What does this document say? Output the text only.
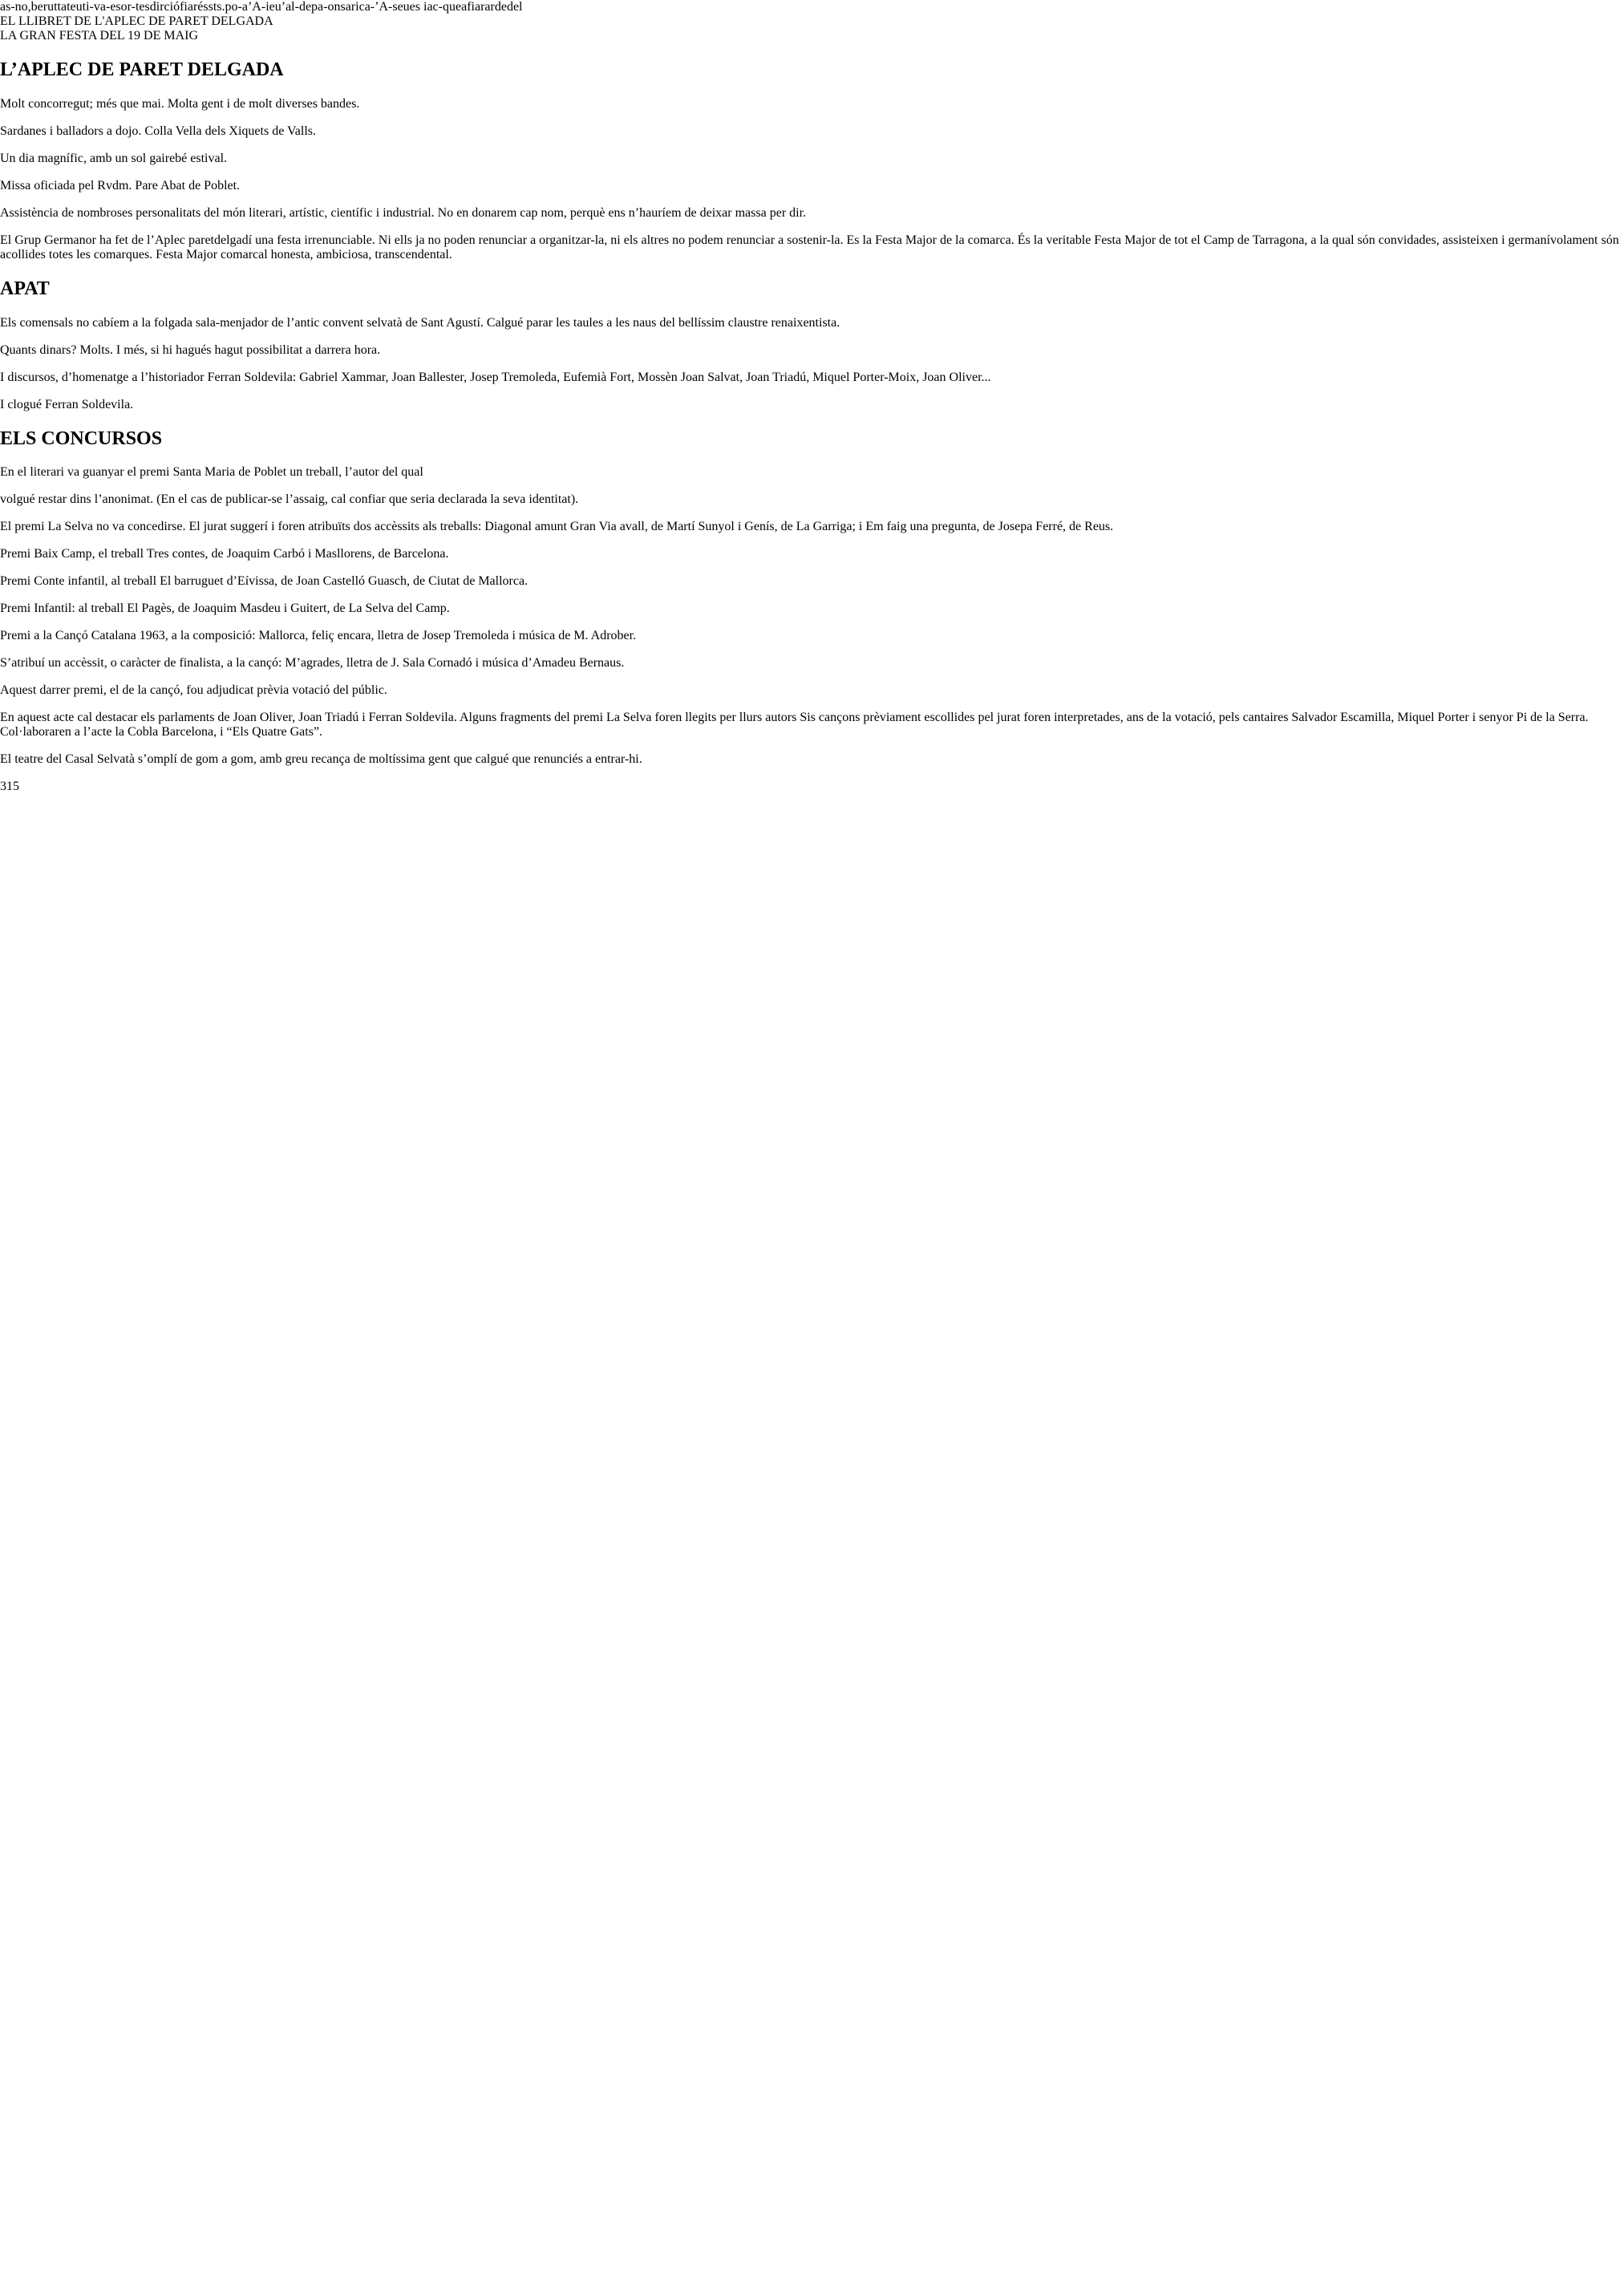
as-no,beruttateuti-va-esor-tesdirciófiaréssts.po-a’A-ieu’al-depa-onsarica-’A-seues iac-queafiarardedel
EL LLIBRET DE L'APLEC DE PARET DELGADA
LA GRAN FESTA DEL 19 DE MAIG
L’APLEC DE PARET DELGADA

Molt concorregut; més que mai. Molta gent i de molt diverses bandes.

Sardanes i balladors a dojo. Colla Vella dels Xiquets de Valls.

Un dia magnífic, amb un sol gairebé estival.

Missa oficiada pel Rvdm. Pare Abat de Poblet.

Assistència de nombroses personalitats del món literari, artístic, científic i industrial. No en donarem cap nom, perquè ens n’hauríem de deixar massa per dir.

El Grup Germanor ha fet de l’Aplec paretdelgadí una festa irrenunciable. Ni ells ja no poden renunciar a organitzar-la, ni els altres no podem renunciar a sostenir-la. Es la Festa Major de la comarca. És la veritable Festa Major de tot el Camp de Tarragona, a la qual són convidades, assisteixen i germanívolament són acollides totes les comarques. Festa Major comarcal honesta, ambiciosa, transcendental.

APAT

Els comensals no cabíem a la folgada sala-menjador de l’antic convent selvatà de Sant Agustí. Calgué parar les taules a les naus del bellíssim claustre renaixentista.

Quants dinars? Molts. I més, si hi hagués hagut possibilitat a darrera hora.

I discursos, d’homenatge a l’historiador Ferran Soldevila: Gabriel Xammar, Joan Ballester, Josep Tremoleda, Eufemià Fort, Mossèn Joan Salvat, Joan Triadú, Miquel Porter-Moix, Joan Oliver...

I clogué Ferran Soldevila.

ELS CONCURSOS

En el literari va guanyar el premi Santa Maria de Poblet un treball, l’autor del qual

volgué restar dins l’anonimat. (En el cas de publicar-se l’assaig, cal confiar que seria declarada la seva identitat).

El premi La Selva no va concedirse. El jurat suggerí i foren atribuïts dos accèssits als treballs: Diagonal amunt Gran Via avall, de Martí Sunyol i Genís, de La Garriga; i Em faig una pregunta, de Josepa Ferré, de Reus.

Premi Baix Camp, el treball Tres contes, de Joaquim Carbó i Masllorens, de Barcelona.

Premi Conte infantil, al treball El barruguet d’Eívissa, de Joan Castelló Guasch, de Ciutat de Mallorca.

Premi Infantil: al treball El Pagès, de Joaquim Masdeu i Guitert, de La Selva del Camp.

Premi a la Cançó Catalana 1963, a la composició: Mallorca, feliç encara, lletra de Josep Tremoleda i música de M. Adrober.

S’atribuí un accèssit, o caràcter de finalista, a la cançó: M’agrades, lletra de J. Sala Cornadó i música d’Amadeu Bernaus.

Aquest darrer premi, el de la cançó, fou adjudicat prèvia votació del públic.

En aquest acte cal destacar els parlaments de Joan Oliver, Joan Triadú i Ferran Soldevila. Alguns fragments del premi La Selva foren llegits per llurs autors Sis cançons prèviament escollides pel jurat foren interpretades, ans de la votació, pels cantaires Salvador Escamilla, Miquel Porter i senyor Pi de la Serra. Col·laboraren a l’acte la Cobla Barcelona, i “Els Quatre Gats”.

El teatre del Casal Selvatà s’omplí de gom a gom, amb greu recança de moltíssima gent que calgué que renunciés a entrar-hi.

315
